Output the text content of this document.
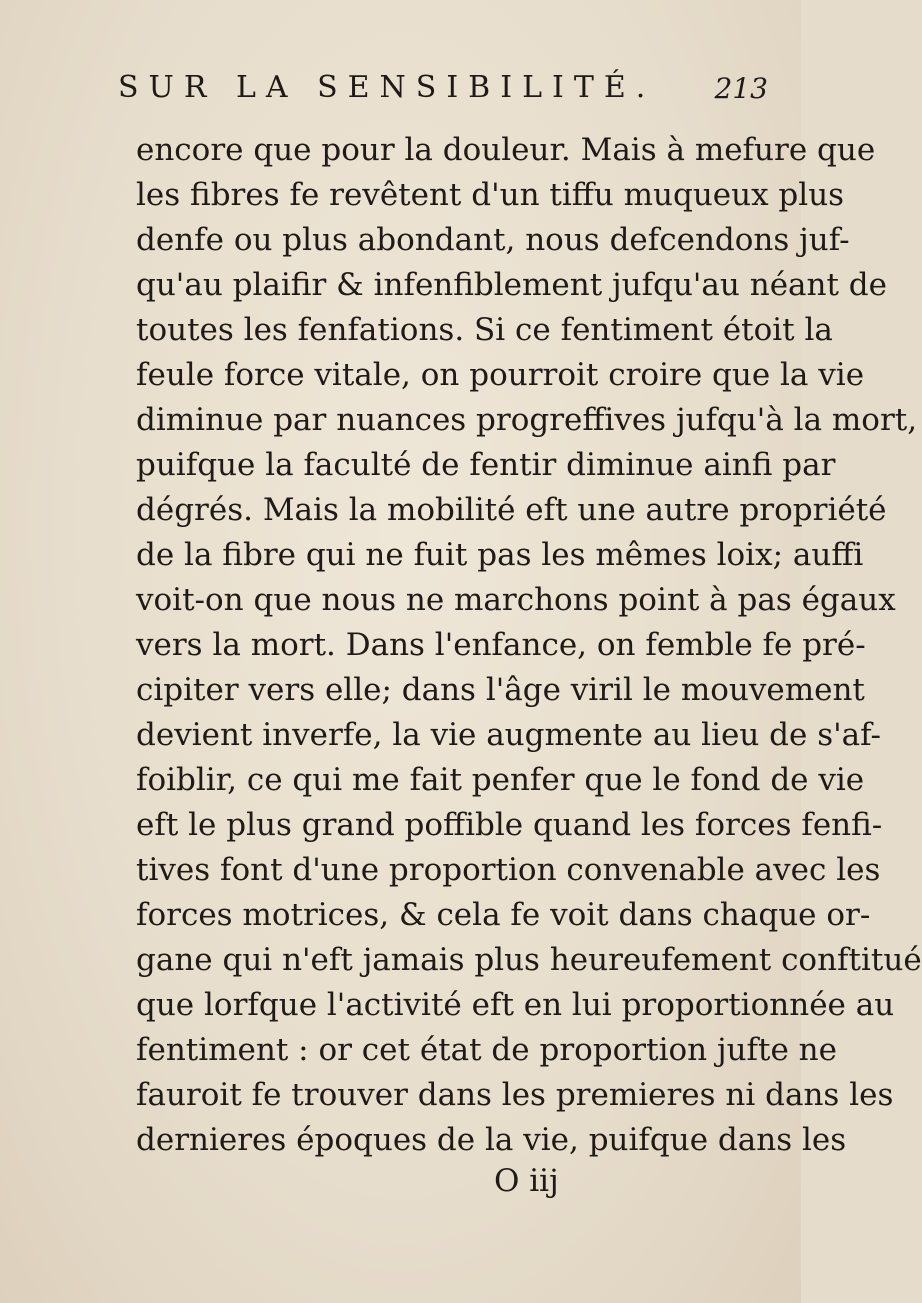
SUR LA SENSIBILITÉ. 213
encore que pour la douleur. Mais à mefure que
les fibres fe revêtent d'un tiffu muqueux plus
denfe ou plus abondant, nous defcendons juf-
qu'au plaifir & infenfiblement jufqu'au néant de
toutes les fenfations. Si ce fentiment étoit la
feule force vitale, on pourroit croire que la vie
diminue par nuances progreffives jufqu'à la mort,
puifque la faculté de fentir diminue ainfi par
dégrés. Mais la mobilité eft une autre propriété
de la fibre qui ne fuit pas les mêmes loix; auffi
voit-on que nous ne marchons point à pas égaux
vers la mort. Dans l'enfance, on femble fe pré-
cipiter vers elle; dans l'âge viril le mouvement
devient inverfe, la vie augmente au lieu de s'af-
foiblir, ce qui me fait penfer que le fond de vie
eft le plus grand poffible quand les forces fenfi-
tives font d'une proportion convenable avec les
forces motrices, & cela fe voit dans chaque or-
gane qui n'eft jamais plus heureufement conftitué
que lorfque l'activité eft en lui proportionnée au
fentiment : or cet état de proportion jufte ne
fauroit fe trouver dans les premieres ni dans les
dernieres époques de la vie, puifque dans les
O iij
